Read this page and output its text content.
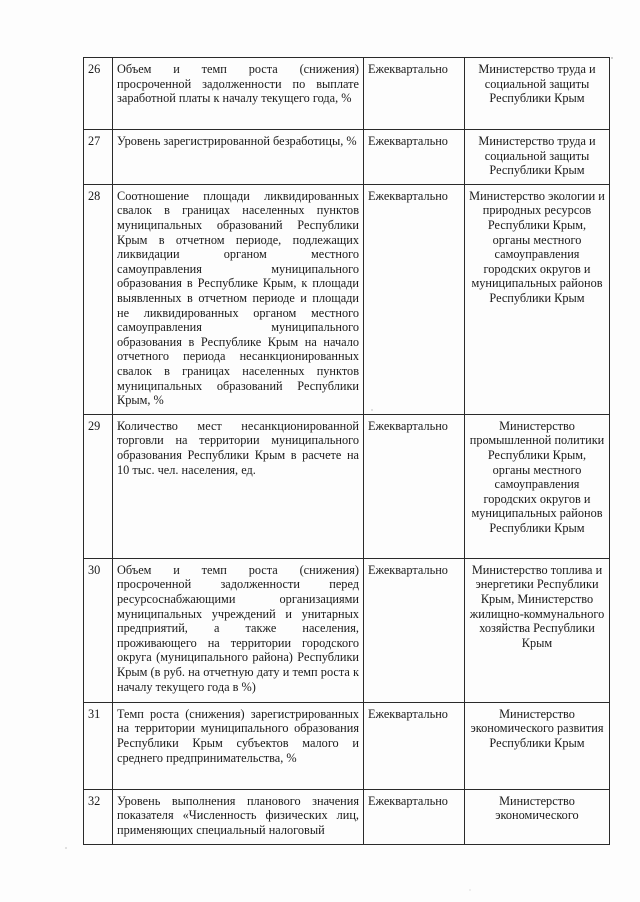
26	Объем и темп роста (снижения) просроченной задолженности по выплате заработной платы к началу текущего года, %	Ежеквартально	Министерство труда и социальной защиты Республики Крым
27	Уровень зарегистрированной безработицы, %	Ежеквартально	Министерство труда и социальной защиты Республики Крым
28	Соотношение площади ликвидированных свалок в границах населенных пунктов муниципальных образований Республики Крым в отчетном периоде, подлежащих ликвидации органом местного самоуправления муниципального образования в Республике Крым, к площади выявленных в отчетном периоде и площади не ликвидированных органом местного самоуправления муниципального образования в Республике Крым на начало отчетного периода несанкционированных свалок в границах населенных пунктов муниципальных образований Республики Крым, %	Ежеквартально	Министерство экологии и природных ресурсов Республики Крым, органы местного самоуправления городских округов и муниципальных районов Республики Крым
29	Количество мест несанкционированной торговли на территории муниципального образования Республики Крым в расчете на 10 тыс. чел. населения, ед.	Ежеквартально	Министерство промышленной политики Республики Крым, органы местного самоуправления городских округов и муниципальных районов Республики Крым
30	Объем и темп роста (снижения) просроченной задолженности перед ресурсоснабжающими организациями муниципальных учреждений и унитарных предприятий, а также населения, проживающего на территории городского округа (муниципального района) Республики Крым (в руб. на отчетную дату и темп роста к началу текущего года в %)	Ежеквартально	Министерство топлива и энергетики Республики Крым, Министерство жилищно-коммунального хозяйства Республики Крым
31	Темп роста (снижения) зарегистрированных на территории муниципального образования Республики Крым субъектов малого и среднего предпринимательства, %	Ежеквартально	Министерство экономического развития Республики Крым
32	Уровень выполнения планового значения показателя «Численность физических лиц, применяющих специальный налоговый	Ежеквартально	Министерство экономического
